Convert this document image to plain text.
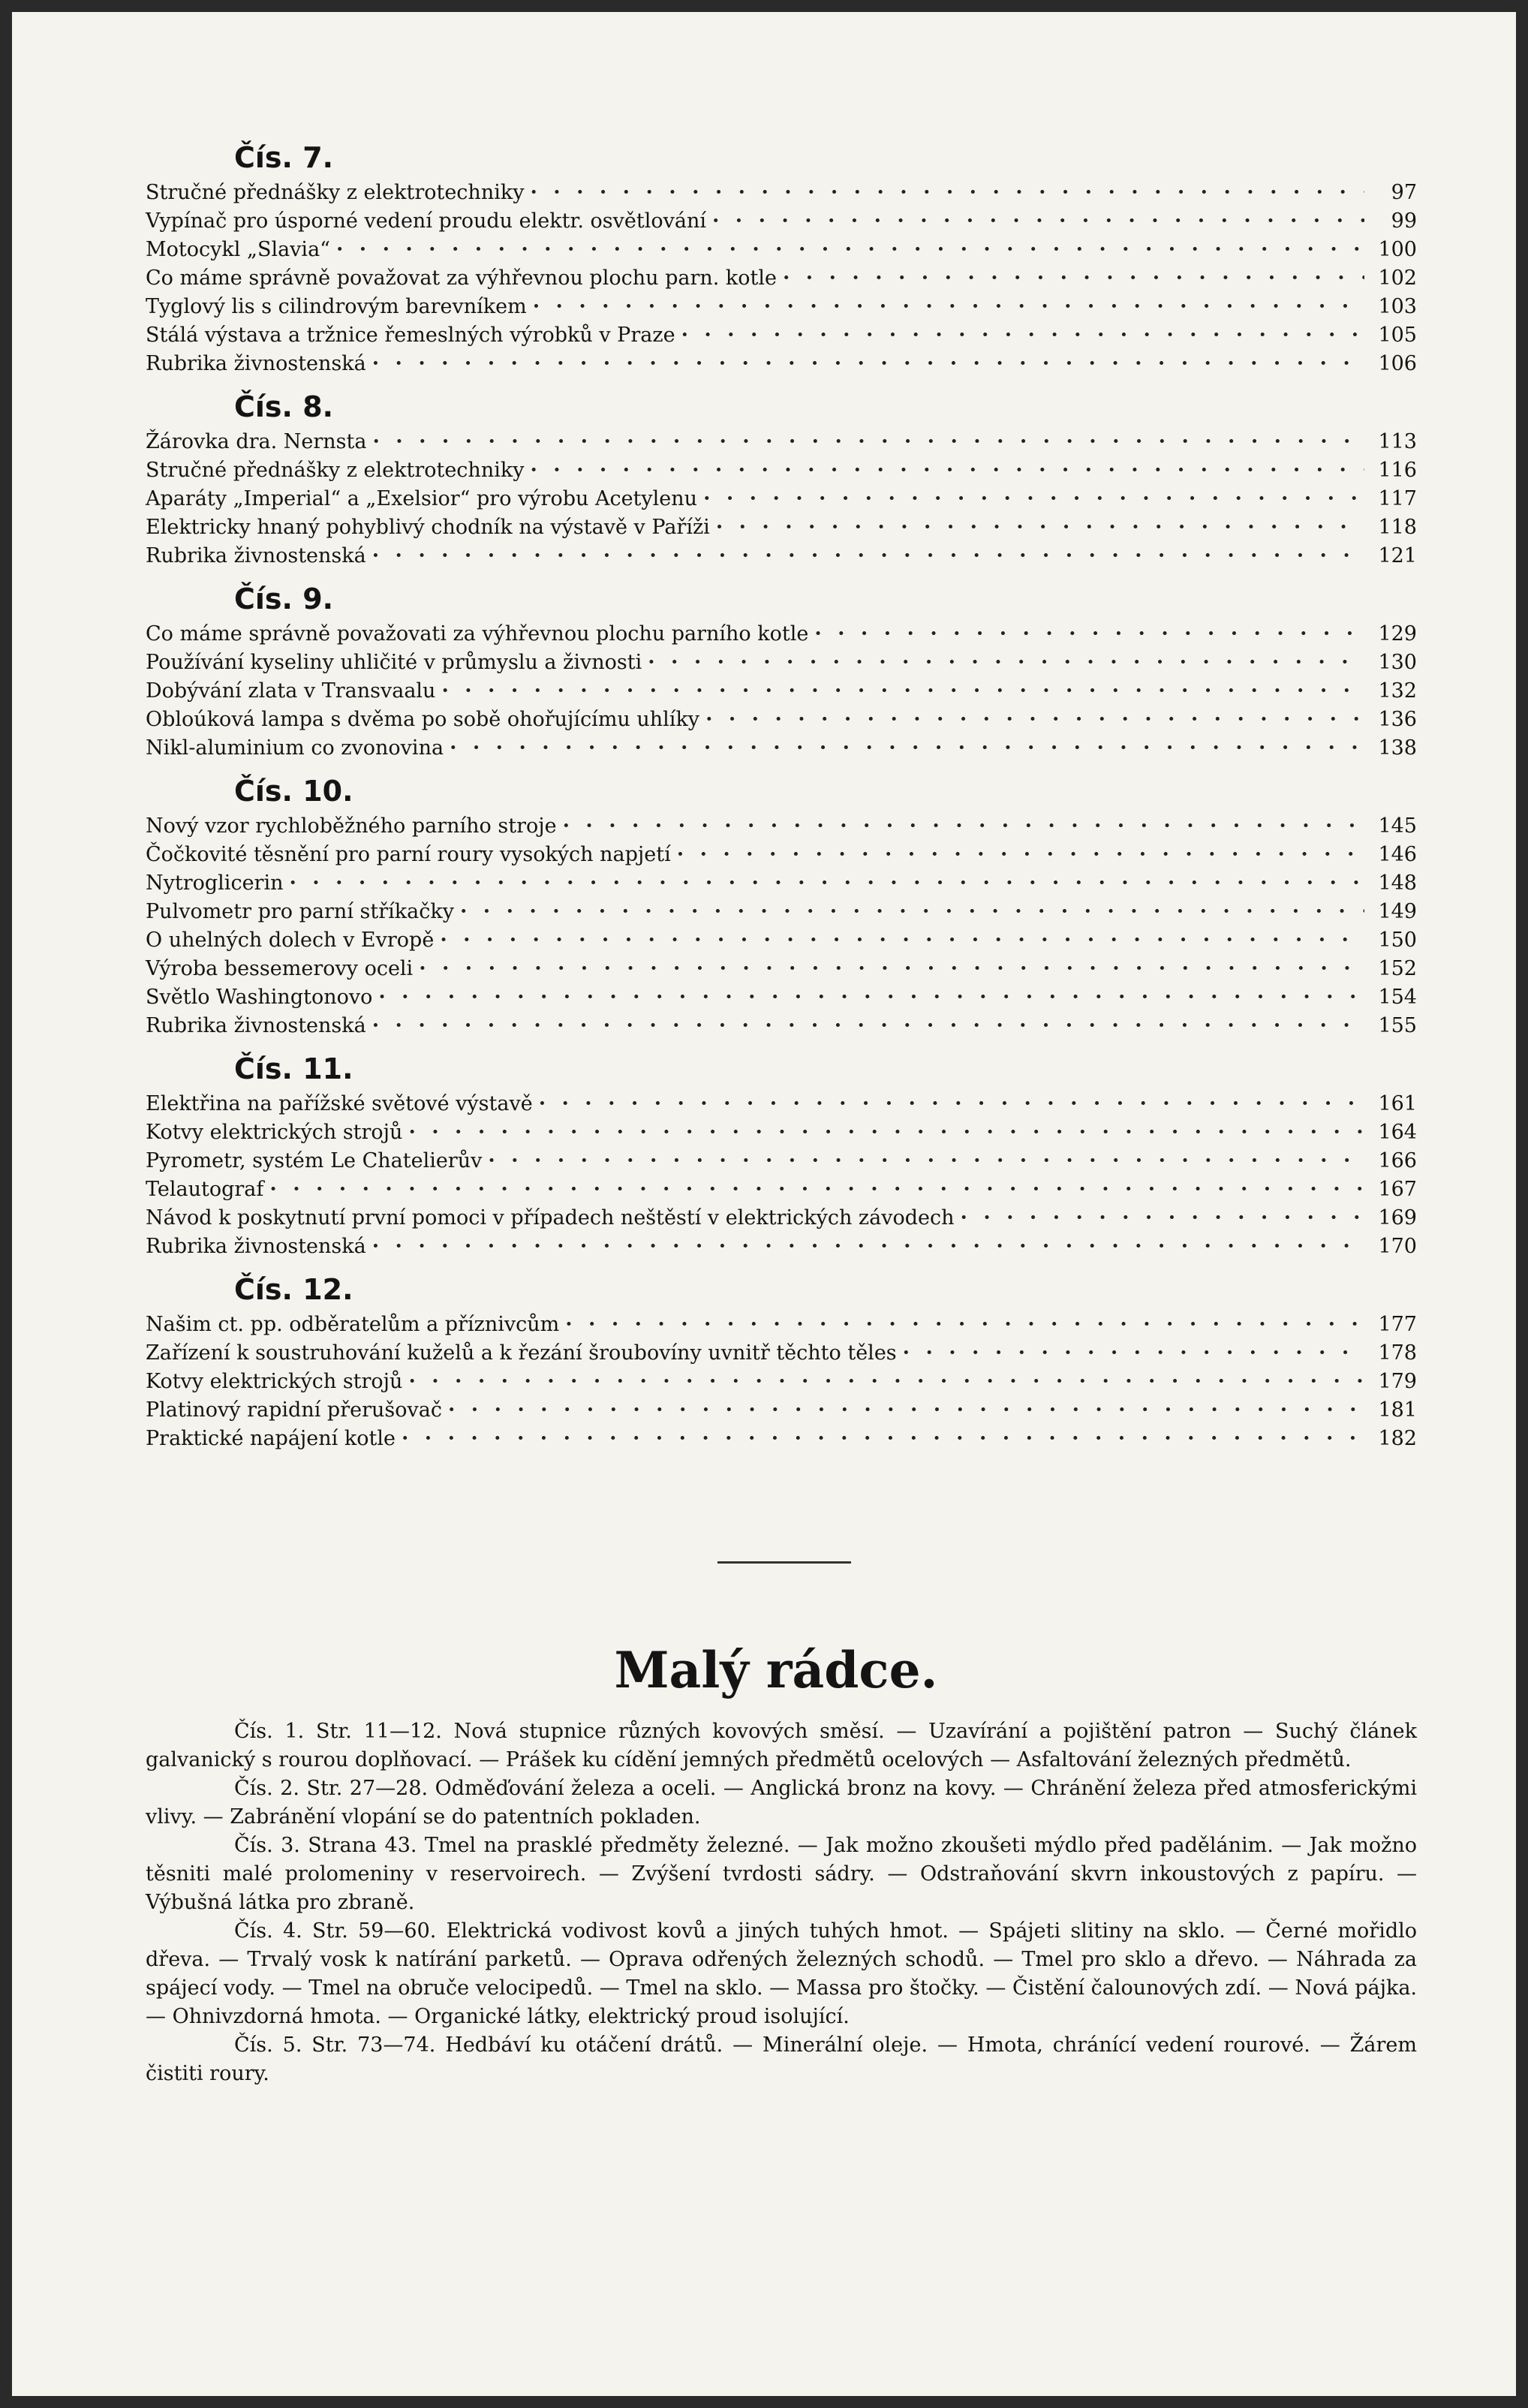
Čís. 7.
Stručné přednášky z elektrotechniky · · ·	97
Vypínač pro úsporné vedení proudu elektr. osvětlování · · ·	99
Motocykl „Slavia“ · · ·	100
Co máme správně považovat za výhřevnou plochu parn. kotle · · ·	102
Tyglový lis s cilindrovým barevníkem · · ·	103
Stálá výstava a tržnice řemeslných výrobků v Praze · · ·	105
Rubrika živnostenská · · ·	106
Čís. 8.
Žárovka dra. Nernsta · · ·	113
Stručné přednášky z elektrotechniky · · ·	116
Aparáty „Imperial“ a „Exelsior“ pro výrobu Acetylenu · · ·	117
Elektricky hnaný pohyblivý chodník na výstavě v Paříži · · ·	118
Rubrika živnostenská · · ·	121
Čís. 9.
Co máme správně považovati za výhřevnou plochu parního kotle · · ·	129
Používání kyseliny uhličité v průmyslu a živnosti · · ·	130
Dobývání zlata v Transvaalu · · ·	132
Obloúková lampa s dvěma po sobě ohořujícímu uhlíky · · ·	136
Nikl-aluminium co zvonovina · · ·	138
Čís. 10.
Nový vzor rychloběžného parního stroje · · ·	145
Čočkovité těsnění pro parní roury vysokých napjetí · · ·	146
Nytroglicerin · · ·	148
Pulvometr pro parní stříkačky · · ·	149
O uhelných dolech v Evropě · · ·	150
Výroba bessemerovy oceli · · ·	152
Světlo Washingtonovo · · ·	154
Rubrika živnostenská · · ·	155
Čís. 11.
Elektřina na pařížské světové výstavě · · ·	161
Kotvy elektrických strojů · · ·	164
Pyrometr, systém Le Chatelierův · · ·	166
Telautograf · · ·	167
Návod k poskytnutí první pomoci v případech neštěstí v elektrických závodech · · ·	169
Rubrika živnostenská · · ·	170
Čís. 12.
Našim ct. pp. odběratelům a příznivcům · · ·	177
Zařízení k soustruhování kuželů a k řezání šroubovíny uvnitř těchto těles · · ·	178
Kotvy elektrických strojů · · ·	179
Platinový rapidní přerušovač · · ·	181
Praktické napájení kotle · · ·	182
Malý rádce.

Čís. 1. Str. 11—12. Nová stupnice různých kovových směsí. — Uzavírání a pojištění patron — Suchý článek galvanický s rourou doplňovací. — Prášek ku cídění jemných předmětů ocelových — Asfaltování železných předmětů.

Čís. 2. Str. 27—28. Odměďování železa a oceli. — Anglická bronz na kovy. — Chránění železa před atmosferickými vlivy. — Zabránění vlopání se do patentních pokladen.

Čís. 3. Strana 43. Tmel na prasklé předměty železné. — Jak možno zkoušeti mýdlo před padělánim. — Jak možno těsniti malé prolomeniny v reservoirech. — Zvýšení tvrdosti sádry. — Odstraňování skvrn inkoustových z papíru. — Výbušná látka pro zbraně.

Čís. 4. Str. 59—60. Elektrická vodivost kovů a jiných tuhých hmot. — Spájeti slitiny na sklo. — Černé mořidlo dřeva. — Trvalý vosk k natírání parketů. — Oprava odřených železných schodů. — Tmel pro sklo a dřevo. — Náhrada za spájecí vody. — Tmel na obruče velocipedů. — Tmel na sklo. — Massa pro štočky. — Čistění čalounových zdí. — Nová pájka. — Ohnivzdorná hmota. — Organické látky, elektrický proud isolující.

Čís. 5. Str. 73—74. Hedbáví ku otáčení drátů. — Minerální oleje. — Hmota, chránící vedení rourové. — Žárem čistiti roury.
